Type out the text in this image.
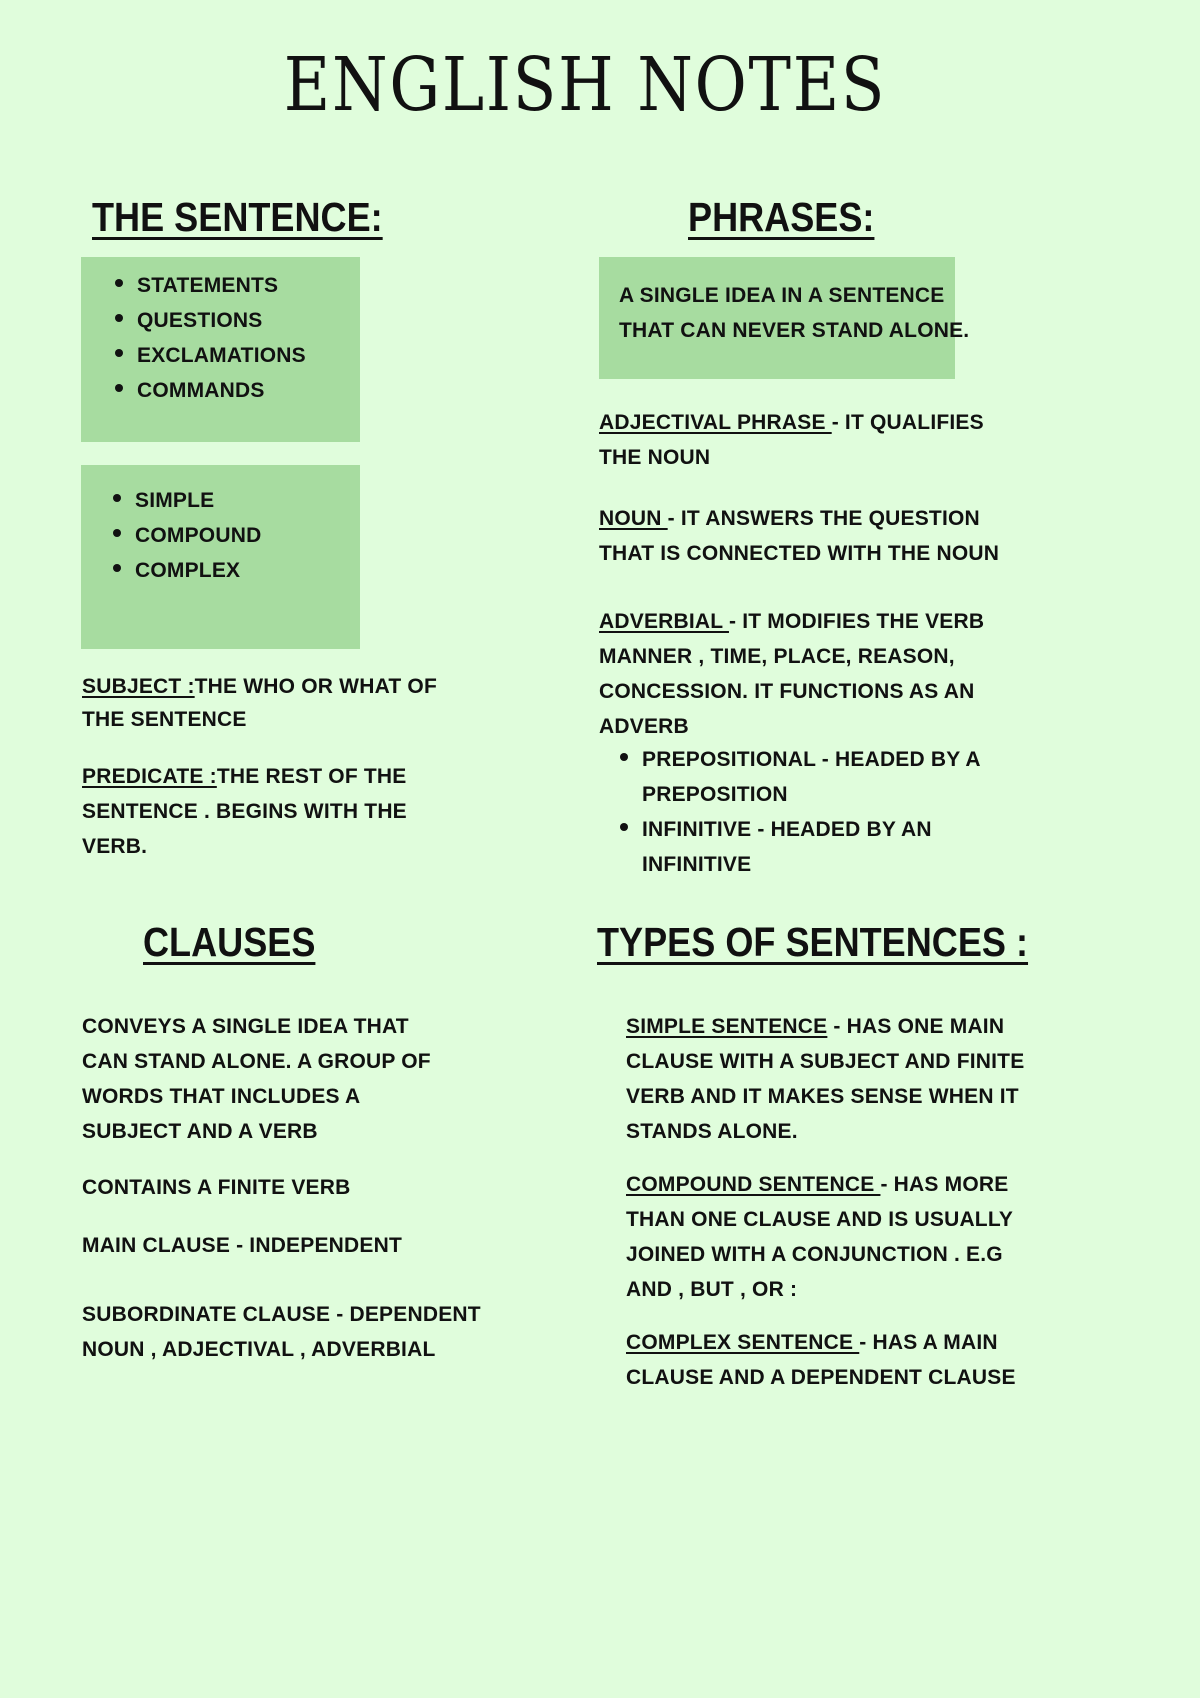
ENGLISH NOTES
THE SENTENCE:
STATEMENTS
QUESTIONS
EXCLAMATIONS
COMMANDS
SIMPLE
COMPOUND
COMPLEX
SUBJECT :THE WHO OR WHAT OF
THE SENTENCE
PREDICATE :THE REST OF THE
SENTENCE . BEGINS WITH THE
VERB.
PHRASES:
A SINGLE IDEA IN A SENTENCE
THAT CAN NEVER STAND ALONE.
ADJECTIVAL PHRASE - IT QUALIFIES
THE NOUN
NOUN - IT ANSWERS THE QUESTION
THAT IS CONNECTED WITH THE NOUN
ADVERBIAL - IT MODIFIES THE VERB
MANNER , TIME, PLACE, REASON,
CONCESSION. IT FUNCTIONS AS AN
ADVERB
PREPOSITIONAL - HEADED BY A
PREPOSITION
INFINITIVE - HEADED BY AN
INFINITIVE
CLAUSES
CONVEYS A SINGLE IDEA THAT
CAN STAND ALONE. A GROUP OF
WORDS THAT INCLUDES A
SUBJECT AND A VERB
CONTAINS A FINITE VERB
MAIN CLAUSE - INDEPENDENT
SUBORDINATE CLAUSE - DEPENDENT
NOUN , ADJECTIVAL , ADVERBIAL
TYPES OF SENTENCES :
SIMPLE SENTENCE - HAS ONE MAIN
CLAUSE WITH A SUBJECT AND FINITE
VERB AND IT MAKES SENSE WHEN IT
STANDS ALONE.
COMPOUND SENTENCE - HAS MORE
THAN ONE CLAUSE AND IS USUALLY
JOINED WITH A CONJUNCTION . E.G
AND , BUT , OR :
COMPLEX SENTENCE - HAS A MAIN
CLAUSE AND A DEPENDENT CLAUSE
